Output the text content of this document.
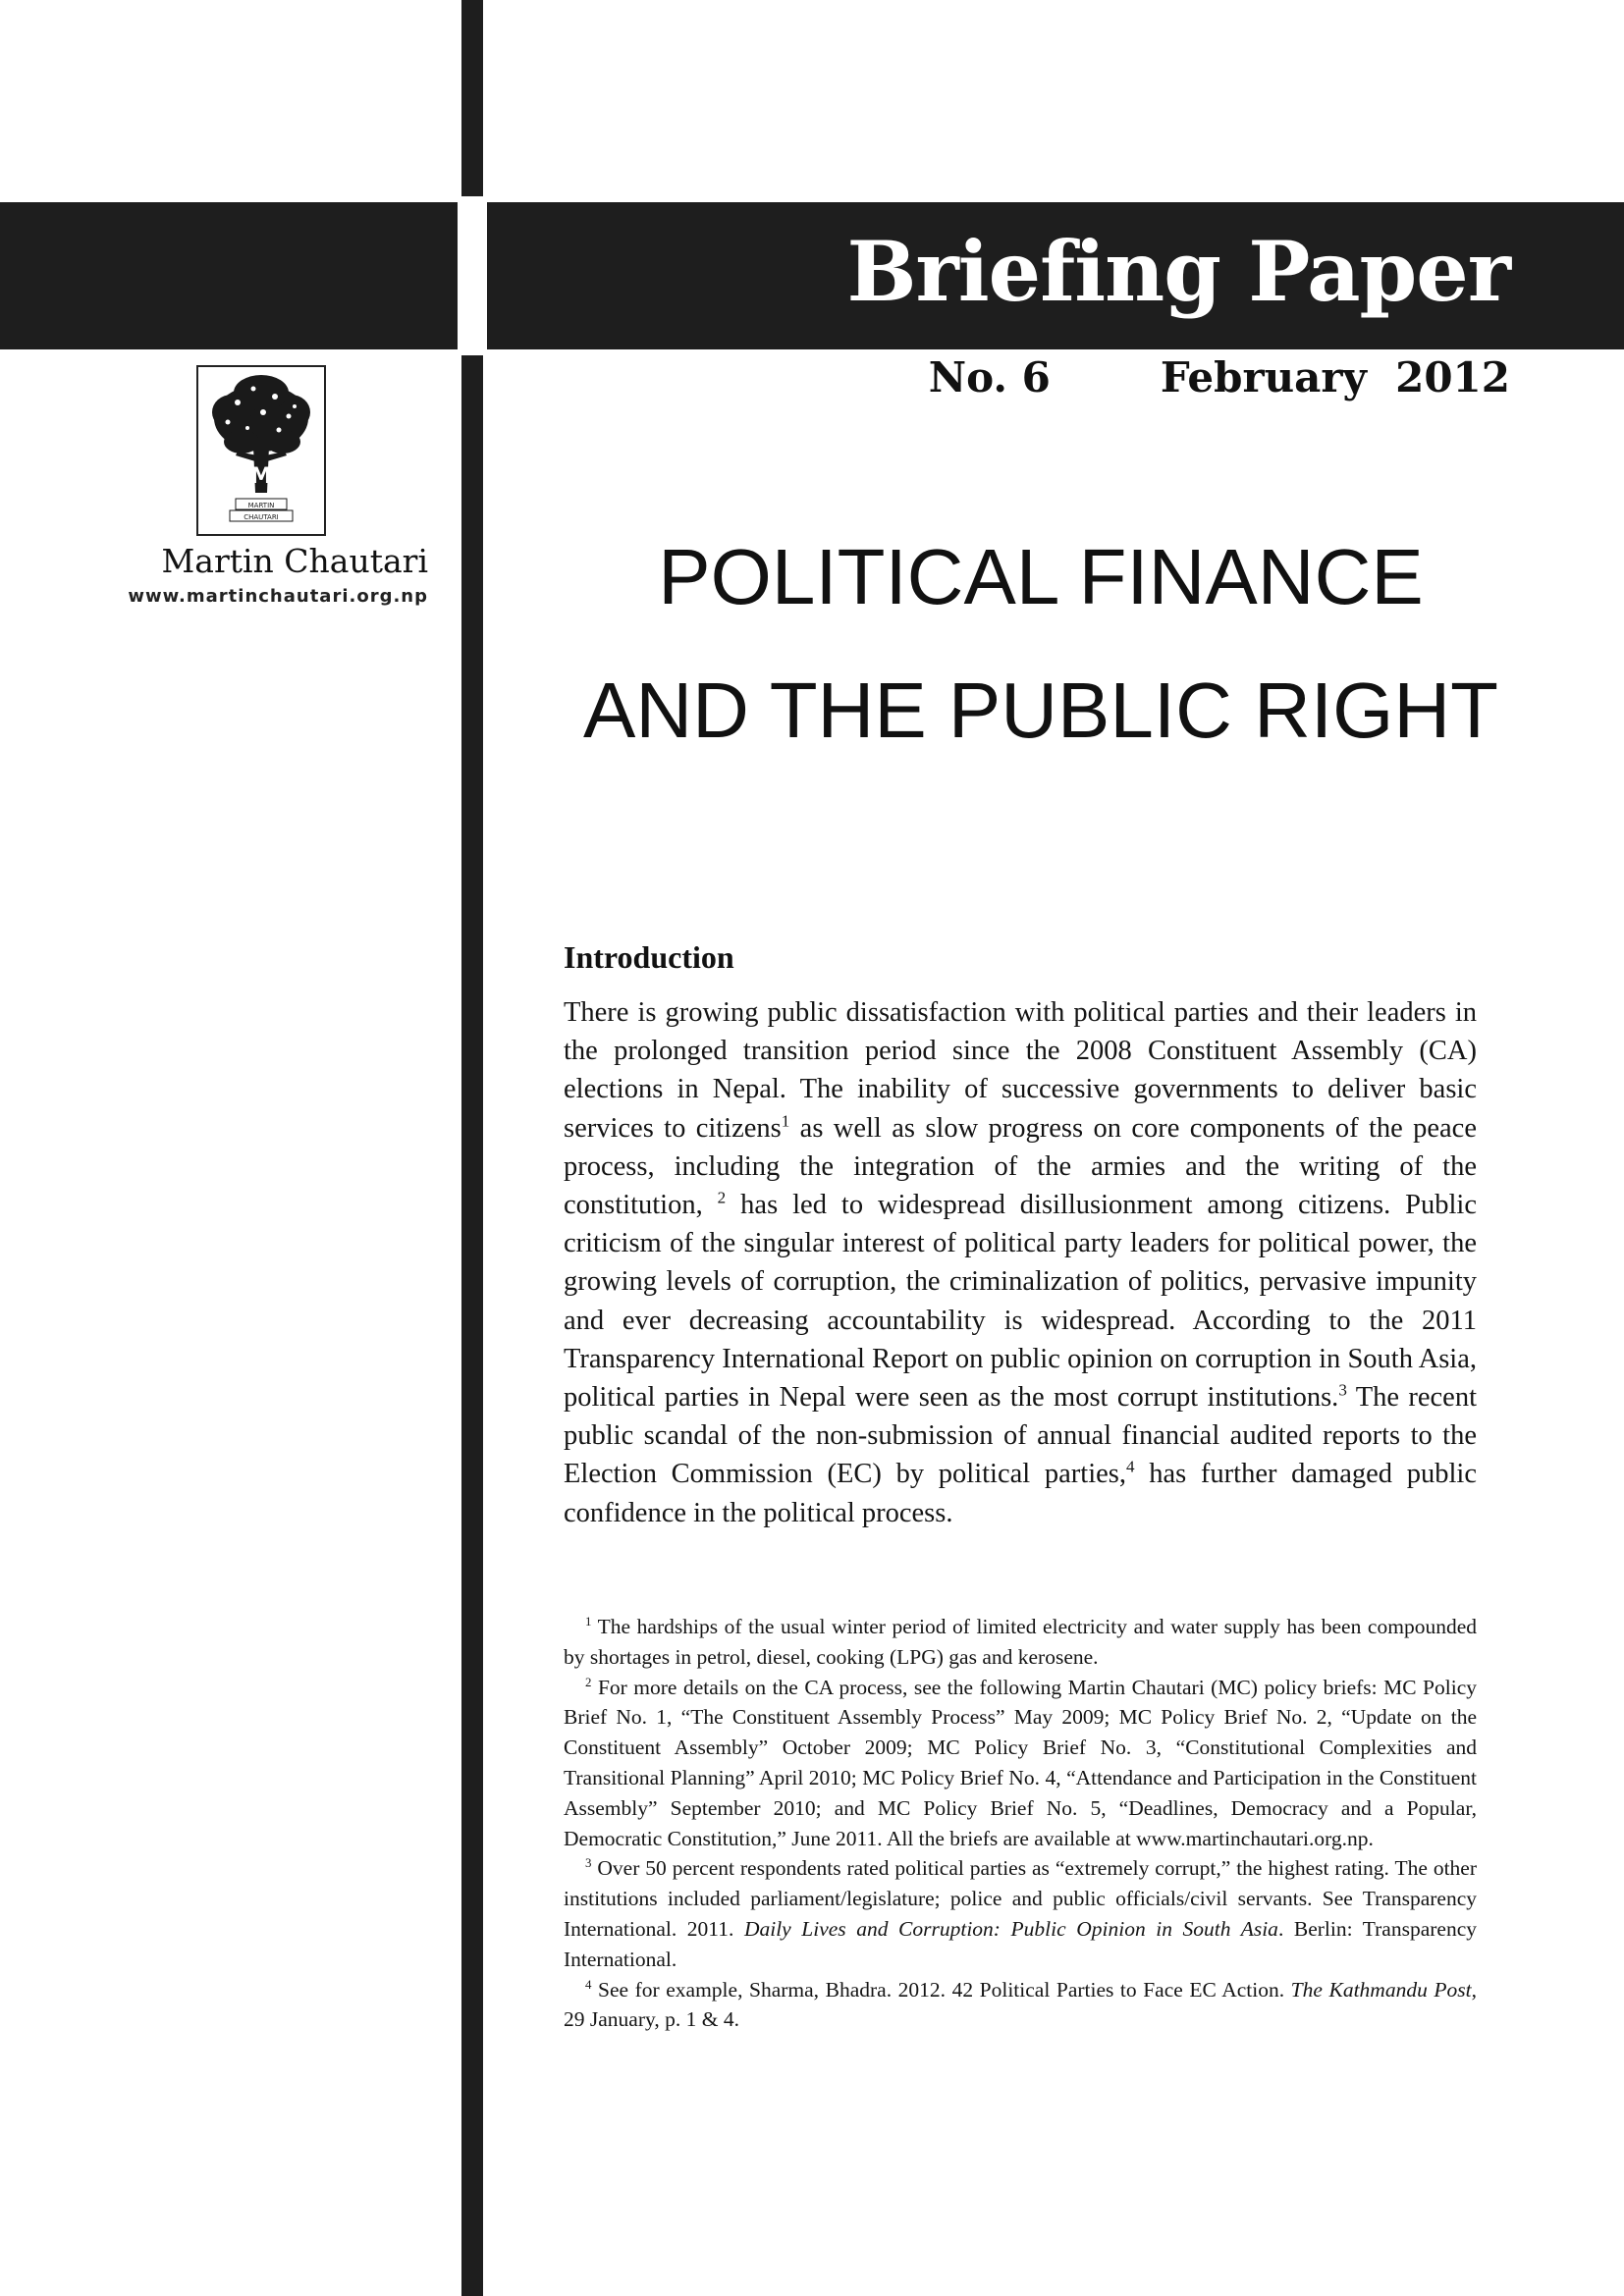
Briefing Paper
No. 6	February  2012
M
MARTIN
CHAUTARI
Martin Chautari
www.martinchautari.org.np	POLITICAL FINANCE
AND THE PUBLIC RIGHT
Introduction

There is growing public dissatisfaction with political parties and their leaders in the prolonged transition period since the 2008 Constituent Assembly (CA) elections in Nepal. The inability of successive governments to deliver basic services to citizens$^1$ as well as slow progress on core components of the peace process, including the integration of the armies and the writing of the constitution, $^2$ has led to widespread disillusionment among citizens. Public criticism of the singular interest of political party leaders for political power, the growing levels of corruption, the criminalization of politics, pervasive impunity and ever decreasing accountability is widespread. According to the 2011 Transparency International Report on public opinion on corruption in South Asia, political parties in Nepal were seen as the most corrupt institutions.$^3$ The recent public scandal of the non-submission of annual financial audited reports to the Election Commission (EC) by political parties,$^4$ has further damaged public confidence in the political process.

$^1$ The hardships of the usual winter period of limited electricity and water supply has been compounded by shortages in petrol, diesel, cooking (LPG) gas and kerosene.

$^2$ For more details on the CA process, see the following Martin Chautari (MC) policy briefs: MC Policy Brief No. 1, “The Constituent Assembly Process” May 2009; MC Policy Brief No. 2, “Update on the Constituent Assembly” October 2009; MC Policy Brief No. 3, “Constitutional Complexities and Transitional Planning” April 2010; MC Policy Brief No. 4, “Attendance and Participation in the Constituent Assembly” September 2010; and MC Policy Brief No. 5, “Deadlines, Democracy and a Popular, Democratic Constitution,” June 2011. All the briefs are available at www.martinchautari.org.np.

$^3$ Over 50 percent respondents rated political parties as “extremely corrupt,” the highest rating. The other institutions included parliament/legislature; police and public officials/civil servants. See Transparency International. 2011. Daily Lives and Corruption: Public Opinion in South Asia. Berlin: Transparency International.

$^4$ See for example, Sharma, Bhadra. 2012. 42 Political Parties to Face EC Action. The Kathmandu Post, 29 January, p. 1 & 4.
